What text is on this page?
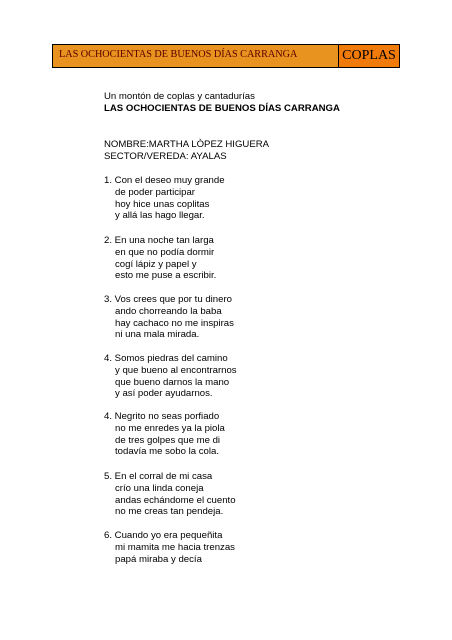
LAS OCHOCIENTAS DE BUENOS DÍAS CARRANGA	COPLAS
Un montón de coplas y cantadurías
LAS OCHOCIENTAS DE BUENOS DÍAS CARRANGA
NOMBRE:MARTHA LÒPEZ HIGUERA
SECTOR/VEREDA: AYALAS
1. Con el deseo muy grande
de poder participar
hoy hice unas coplitas
y allá las hago llegar.
2. En una noche tan larga
en que no podía dormir
cogí lápiz y papel y
esto me puse a escribir.
3. Vos crees que por tu dinero
ando chorreando la baba
hay cachaco no me inspiras
ni una mala mirada.
4. Somos piedras del camino
y que bueno al encontrarnos
que bueno darnos la mano
y así poder ayudarnos.
4. Negrito no seas porfiado
no me enredes ya la piola
de tres golpes que me di
todavía me sobo la cola.
5. En el corral de mi casa
crío una linda coneja
andas echándome el cuento
no me creas tan pendeja.
6. Cuando yo era pequeñita
mi mamita me hacia trenzas
papá miraba y decía
